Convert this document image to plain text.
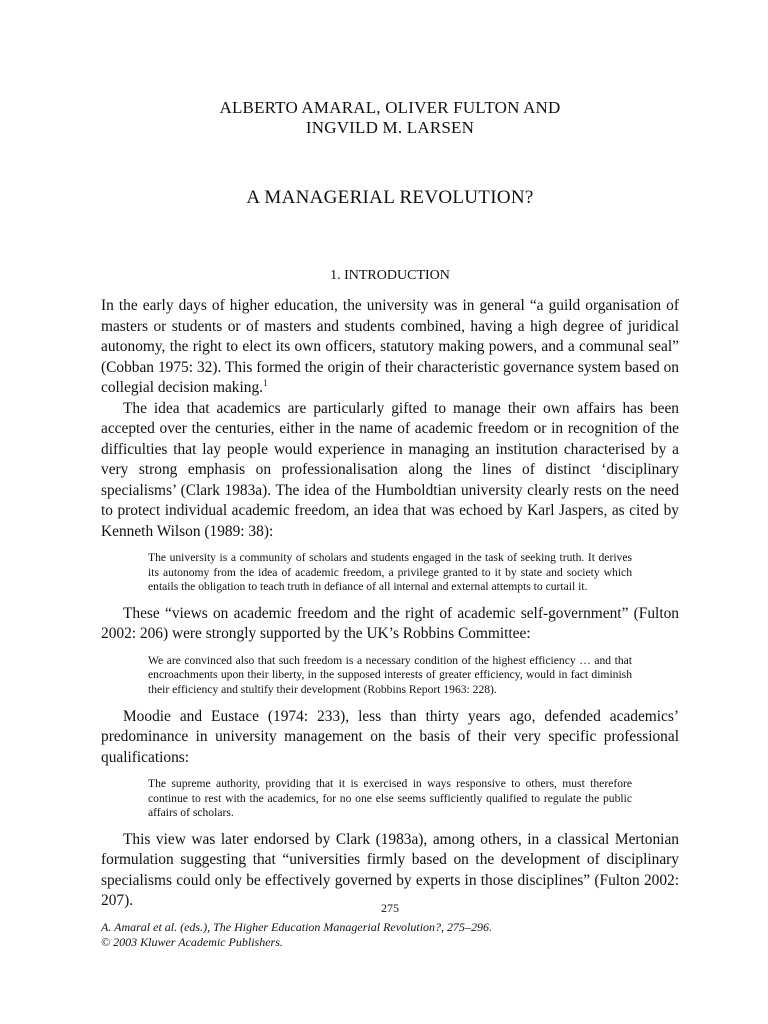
ALBERTO AMARAL, OLIVER FULTON AND
INGVILD M. LARSEN
A MANAGERIAL REVOLUTION?
1. INTRODUCTION

In the early days of higher education, the university was in general “a guild organisation of masters or students or of masters and students combined, having a high degree of juridical autonomy, the right to elect its own officers, statutory making powers, and a communal seal” (Cobban 1975: 32). This formed the origin of their characteristic governance system based on collegial decision making.$^1$

The idea that academics are particularly gifted to manage their own affairs has been accepted over the centuries, either in the name of academic freedom or in recognition of the difficulties that lay people would experience in managing an institution characterised by a very strong emphasis on professionalisation along the lines of distinct ‘disciplinary specialisms’ (Clark 1983a). The idea of the Humboldtian university clearly rests on the need to protect individual academic freedom, an idea that was echoed by Karl Jaspers, as cited by Kenneth Wilson (1989: 38):

The university is a community of scholars and students engaged in the task of seeking truth. It derives its autonomy from the idea of academic freedom, a privilege granted to it by state and society which entails the obligation to teach truth in defiance of all internal and external attempts to curtail it.

These “views on academic freedom and the right of academic self-government” (Fulton 2002: 206) were strongly supported by the UK’s Robbins Committee:

We are convinced also that such freedom is a necessary condition of the highest efficiency … and that encroachments upon their liberty, in the supposed interests of greater efficiency, would in fact diminish their efficiency and stultify their development (Robbins Report 1963: 228).

Moodie and Eustace (1974: 233), less than thirty years ago, defended academics’ predominance in university management on the basis of their very specific professional qualifications:

The supreme authority, providing that it is exercised in ways responsive to others, must therefore continue to rest with the academics, for no one else seems sufficiently qualified to regulate the public affairs of scholars.

This view was later endorsed by Clark (1983a), among others, in a classical Mertonian formulation suggesting that “universities firmly based on the development of disciplinary specialisms could only be effectively governed by experts in those disciplines” (Fulton 2002: 207).	275
A. Amaral et al. (eds.), The Higher Education Managerial Revolution?, 275–296.
© 2003 Kluwer Academic Publishers.
